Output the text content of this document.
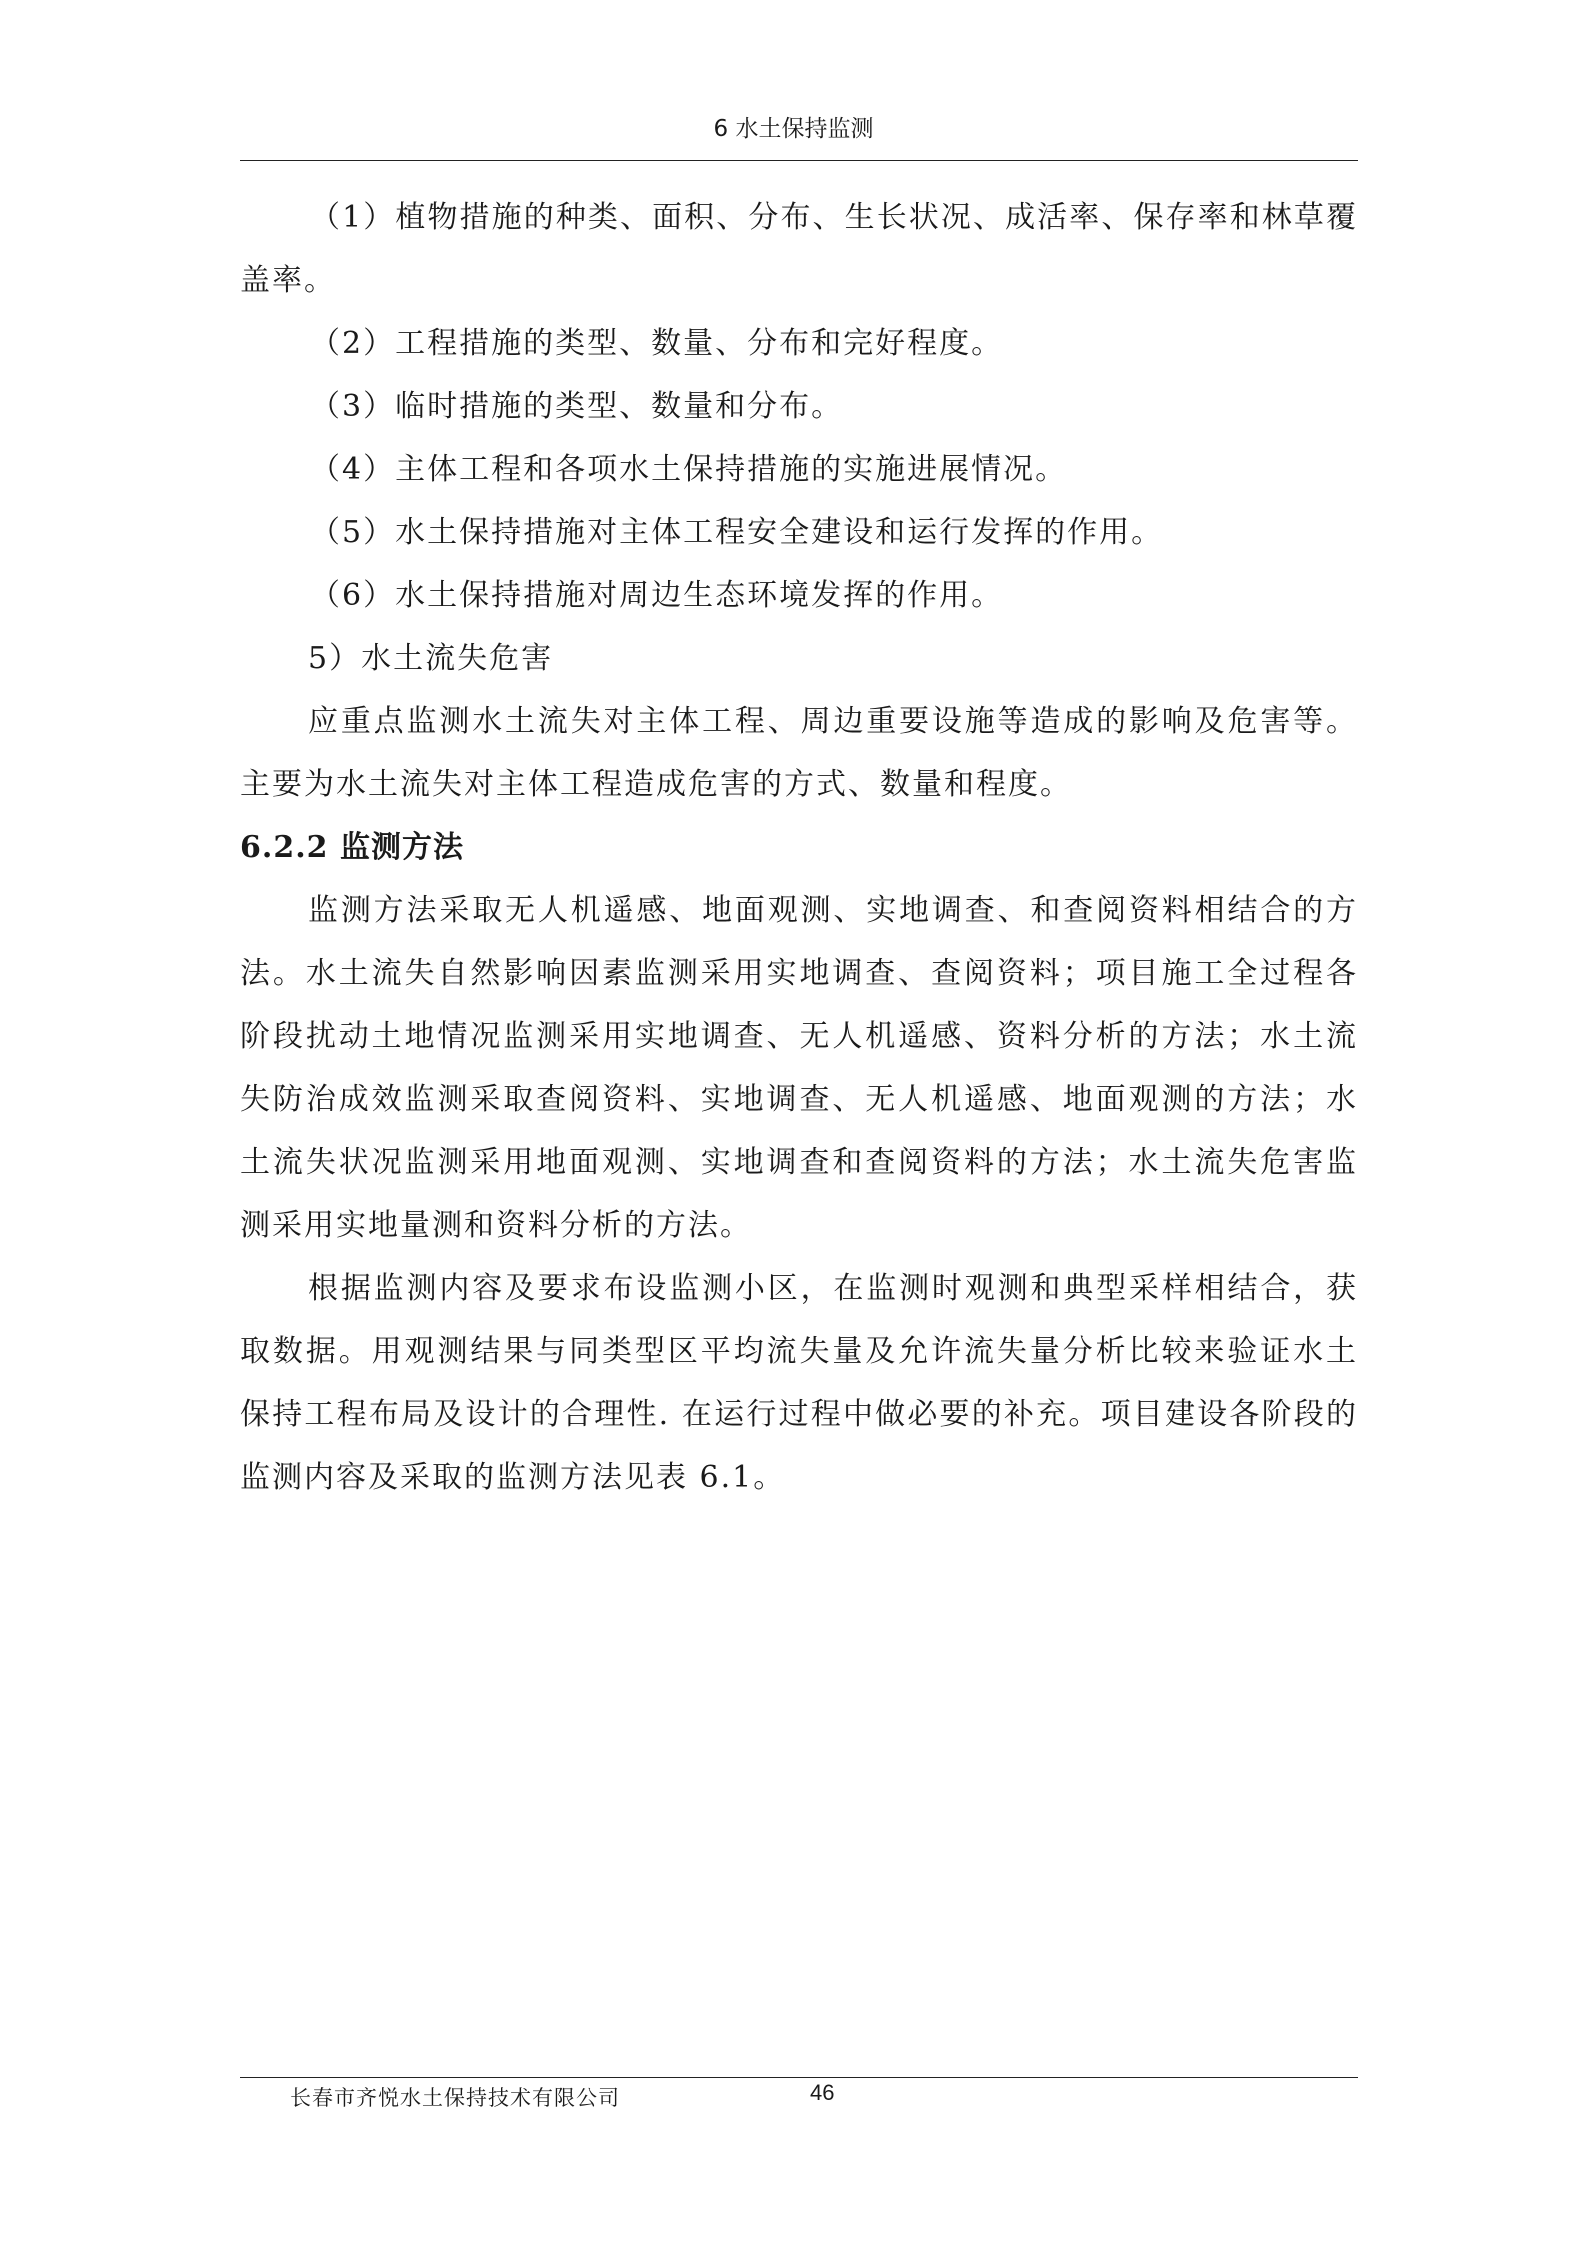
6 水土保持监测

（1）植物措施的种类、面积、分布、生长状况、成活率、保存率和林草覆盖率。

（2）工程措施的类型、数量、分布和完好程度。

（3）临时措施的类型、数量和分布。

（4）主体工程和各项水土保持措施的实施进展情况。

（5）水土保持措施对主体工程安全建设和运行发挥的作用。

（6）水土保持措施对周边生态环境发挥的作用。

5）水土流失危害

应重点监测水土流失对主体工程、周边重要设施等造成的影响及危害等。主要为水土流失对主体工程造成危害的方式、数量和程度。

6.2.2 监测方法

监测方法采取无人机遥感、地面观测、实地调查、和查阅资料相结合的方法。水土流失自然影响因素监测采用实地调查、查阅资料；项目施工全过程各阶段扰动土地情况监测采用实地调查、无人机遥感、资料分析的方法；水土流失防治成效监测采取查阅资料、实地调查、无人机遥感、地面观测的方法；水土流失状况监测采用地面观测、实地调查和查阅资料的方法；水土流失危害监测采用实地量测和资料分析的方法。

根据监测内容及要求布设监测小区，在监测时观测和典型采样相结合，获取数据。用观测结果与同类型区平均流失量及允许流失量分析比较来验证水土保持工程布局及设计的合理性. 在运行过程中做必要的补充。项目建设各阶段的监测内容及采取的监测方法见表 6.1。

长春市齐悦水土保持技术有限公司	46
